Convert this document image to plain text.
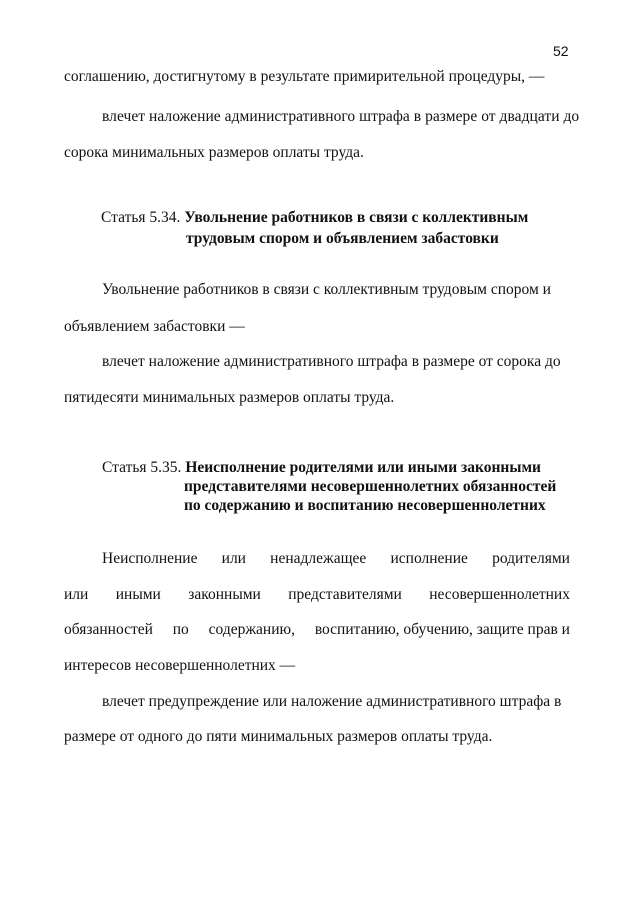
52
соглашению, достигнутому в результате примирительной процедуры, —
влечет наложение административного штрафа в размере от двадцати до
сорока минимальных размеров оплаты труда.
Статья 5.34. Увольнение работников в связи с коллективным
трудовым спором и объявлением забастовки
Увольнение работников в связи с коллективным трудовым спором и
объявлением забастовки —
влечет наложение административного штрафа в размере от сорока до
пятидесяти минимальных размеров оплаты труда.
Статья 5.35. Неисполнение родителями или иными законными
представителями несовершеннолетних обязанностей
по содержанию и воспитанию несовершеннолетних
Неисполнение или ненадлежащее исполнение родителями
или иными законными представителями несовершеннолетних
обязанностей по содержанию, воспитанию, обучению, защите прав и
интересов несовершеннолетних —
влечет предупреждение или наложение административного штрафа в
размере от одного до пяти минимальных размеров оплаты труда.
